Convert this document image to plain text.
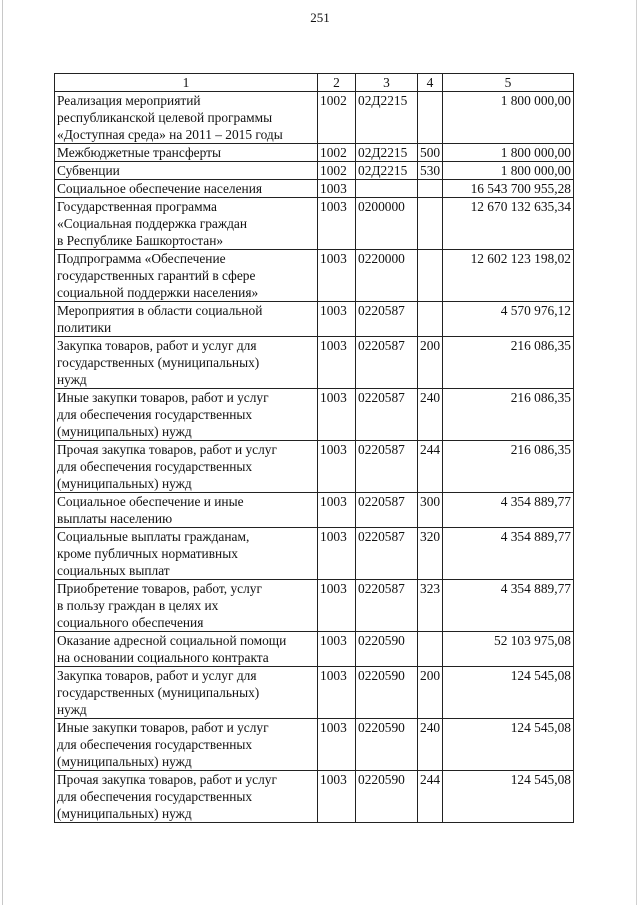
251
1	2	3	4	5
Реализация мероприятий
республиканской целевой программы
«Доступная среда» на 2011 – 2015 годы	1002	02Д2215		1 800 000,00
Межбюджетные трансферты	1002	02Д2215	500	1 800 000,00
Субвенции	1002	02Д2215	530	1 800 000,00
Социальное обеспечение населения	1003			16 543 700 955,28
Государственная программа
«Социальная поддержка граждан
в Республике Башкортостан»	1003	0200000		12 670 132 635,34
Подпрограмма «Обеспечение
государственных гарантий в сфере
социальной поддержки населения»	1003	0220000		12 602 123 198,02
Мероприятия в области социальной
политики	1003	0220587		4 570 976,12
Закупка товаров, работ и услуг для
государственных (муниципальных)
нужд	1003	0220587	200	216 086,35
Иные закупки товаров, работ и услуг
для обеспечения государственных
(муниципальных) нужд	1003	0220587	240	216 086,35
Прочая закупка товаров, работ и услуг
для обеспечения государственных
(муниципальных) нужд	1003	0220587	244	216 086,35
Социальное обеспечение и иные
выплаты населению	1003	0220587	300	4 354 889,77
Социальные выплаты гражданам,
кроме публичных нормативных
социальных выплат	1003	0220587	320	4 354 889,77
Приобретение товаров, работ, услуг
в пользу граждан в целях их
социального обеспечения	1003	0220587	323	4 354 889,77
Оказание адресной социальной помощи
на основании социального контракта	1003	0220590		52 103 975,08
Закупка товаров, работ и услуг для
государственных (муниципальных)
нужд	1003	0220590	200	124 545,08
Иные закупки товаров, работ и услуг
для обеспечения государственных
(муниципальных) нужд	1003	0220590	240	124 545,08
Прочая закупка товаров, работ и услуг
для обеспечения государственных
(муниципальных) нужд	1003	0220590	244	124 545,08
